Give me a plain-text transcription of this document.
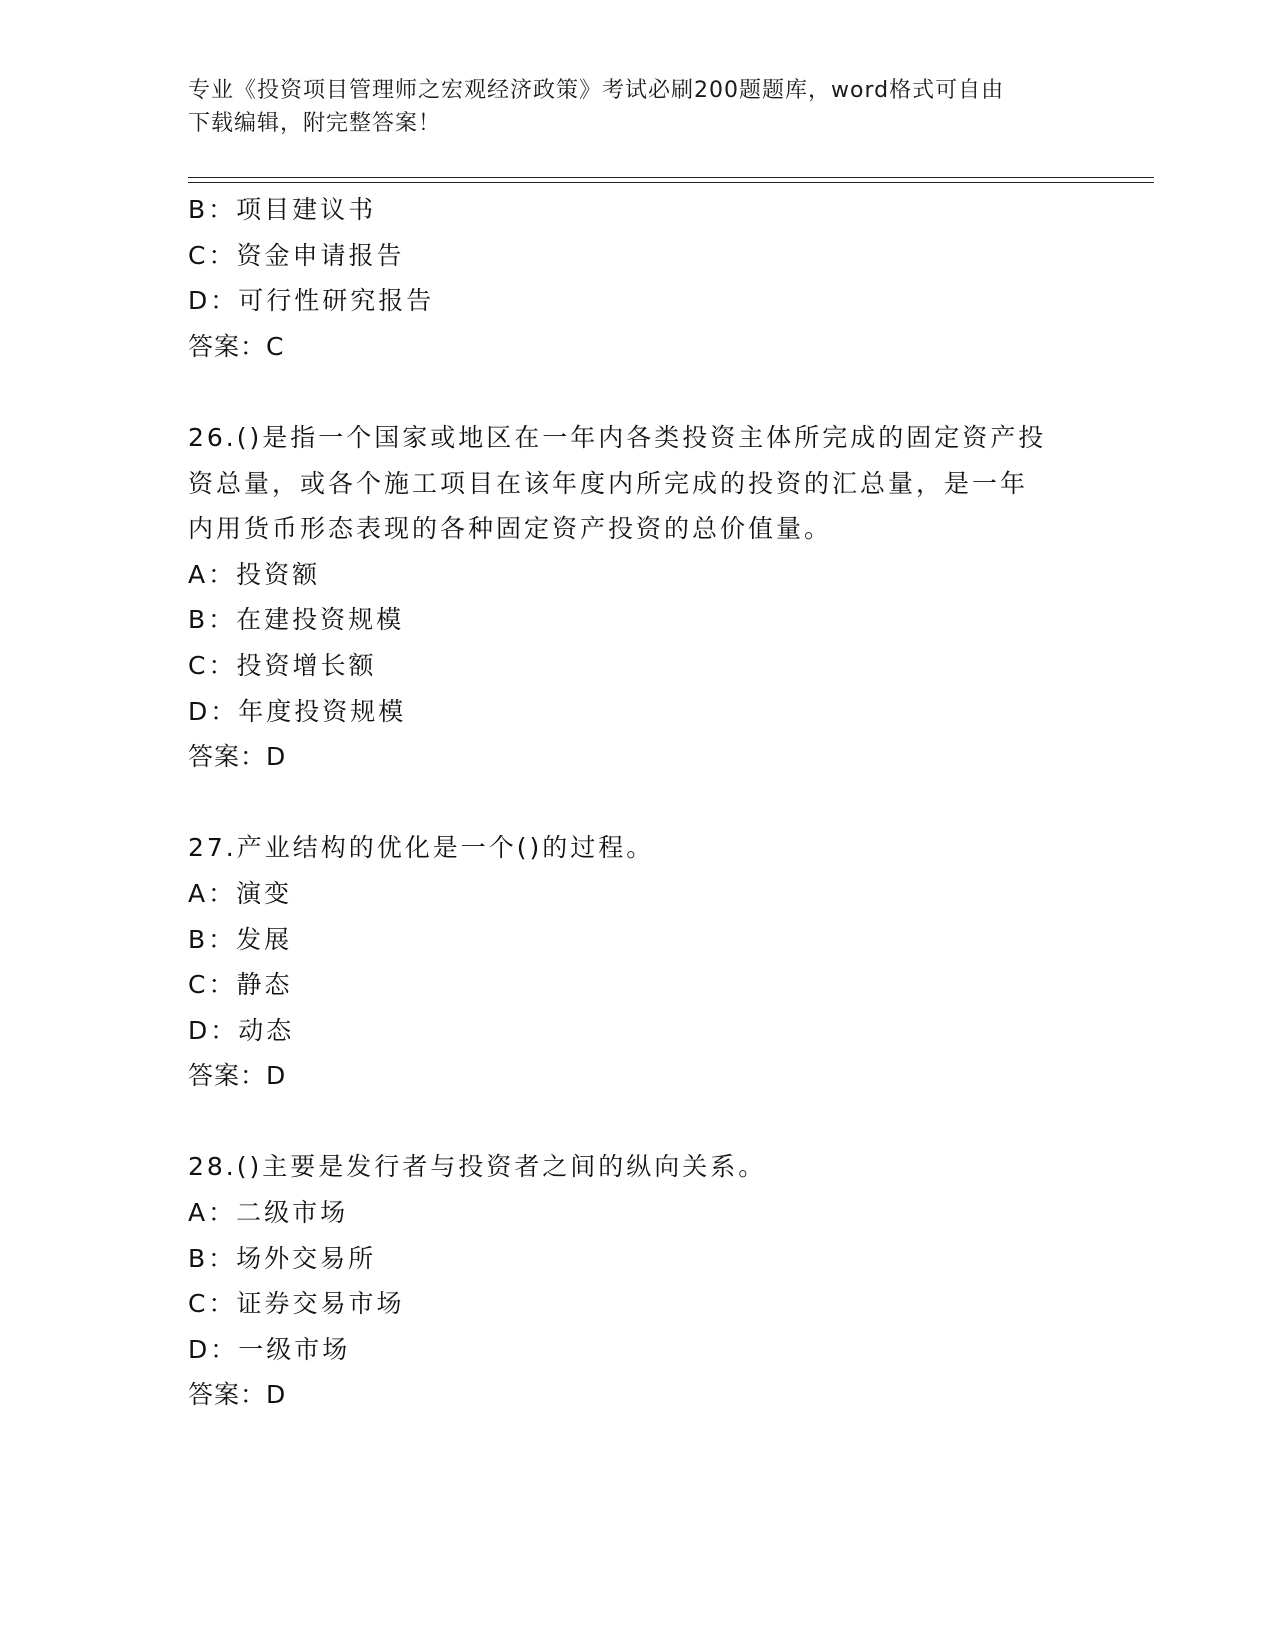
专业《投资项目管理师之宏观经济政策》考试必刷200题题库，word格式可自由
下载编辑，附完整答案！
B：项目建议书
C：资金申请报告
D：可行性研究报告
答案：C
26.()是指一个国家或地区在一年内各类投资主体所完成的固定资产投
资总量，或各个施工项目在该年度内所完成的投资的汇总量，是一年
内用货币形态表现的各种固定资产投资的总价值量。
A：投资额
B：在建投资规模
C：投资增长额
D：年度投资规模
答案：D
27.产业结构的优化是一个()的过程。
A：演变
B：发展
C：静态
D：动态
答案：D
28.()主要是发行者与投资者之间的纵向关系。
A：二级市场
B：场外交易所
C：证券交易市场
D：一级市场
答案：D
